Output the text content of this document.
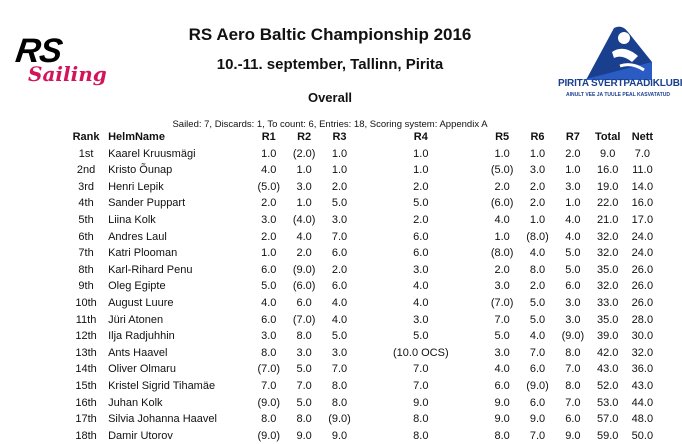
RS
Sailing	PIRITA SVERTPAADIKLUBI
AINULT VEE JA TUULE PEAL KASVATATUD
RS Aero Baltic Championship 2016
10.-11. september, Tallinn, Pirita
Overall
Sailed: 7, Discards: 1, To count: 6, Entries: 18, Scoring system: Appendix A
Rank	HelmName	R1	R2	R3	R4	R5	R6	R7	Total	Nett
1st	Kaarel Kruusmägi	1.0	(2.0)	1.0	1.0	1.0	1.0	2.0	9.0	7.0
2nd	Kristo Õunap	4.0	1.0	1.0	1.0	(5.0)	3.0	1.0	16.0	11.0
3rd	Henri Lepik	(5.0)	3.0	2.0	2.0	2.0	2.0	3.0	19.0	14.0
4th	Sander Puppart	2.0	1.0	5.0	5.0	(6.0)	2.0	1.0	22.0	16.0
5th	Liina Kolk	3.0	(4.0)	3.0	2.0	4.0	1.0	4.0	21.0	17.0
6th	Andres Laul	2.0	4.0	7.0	6.0	1.0	(8.0)	4.0	32.0	24.0
7th	Katri Plooman	1.0	2.0	6.0	6.0	(8.0)	4.0	5.0	32.0	24.0
8th	Karl-Rihard Penu	6.0	(9.0)	2.0	3.0	2.0	8.0	5.0	35.0	26.0
9th	Oleg Egipte	5.0	(6.0)	6.0	4.0	3.0	2.0	6.0	32.0	26.0
10th	August Luure	4.0	6.0	4.0	4.0	(7.0)	5.0	3.0	33.0	26.0
11th	Jüri Atonen	6.0	(7.0)	4.0	3.0	7.0	5.0	3.0	35.0	28.0
12th	Ilja Radjuhhin	3.0	8.0	5.0	5.0	5.0	4.0	(9.0)	39.0	30.0
13th	Ants Haavel	8.0	3.0	3.0	(10.0 OCS)	3.0	7.0	8.0	42.0	32.0
14th	Oliver Olmaru	(7.0)	5.0	7.0	7.0	4.0	6.0	7.0	43.0	36.0
15th	Kristel Sigrid Tihamäe	7.0	7.0	8.0	7.0	6.0	(9.0)	8.0	52.0	43.0
16th	Juhan Kolk	(9.0)	5.0	8.0	9.0	9.0	6.0	7.0	53.0	44.0
17th	Silvia Johanna Haavel	8.0	8.0	(9.0)	8.0	9.0	9.0	6.0	57.0	48.0
18th	Damir Utorov	(9.0)	9.0	9.0	8.0	8.0	7.0	9.0	59.0	50.0
